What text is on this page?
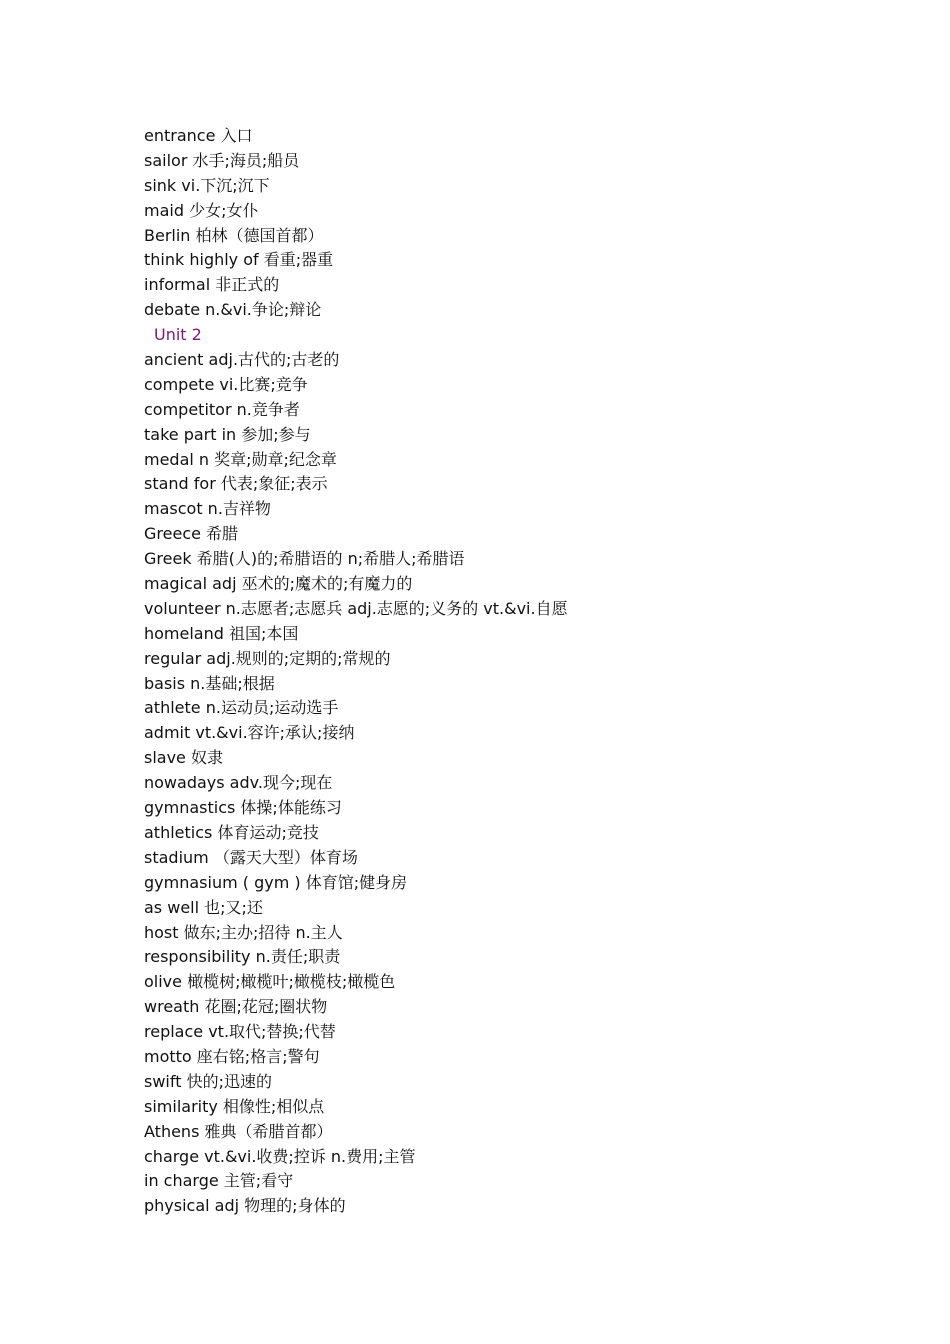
entrance 入口
sailor 水手;海员;船员
sink vi.下沉;沉下
maid 少女;女仆
Berlin 柏林（德国首都）
think highly of 看重;器重
informal 非正式的
debate n.&vi.争论;辩论
Unit 2
ancient adj.古代的;古老的
compete vi.比赛;竞争
competitor n.竞争者
take part in 参加;参与
medal n 奖章;勋章;纪念章
stand for 代表;象征;表示
mascot n.吉祥物
Greece 希腊
Greek 希腊(人)的;希腊语的 n;希腊人;希腊语
magical adj 巫术的;魔术的;有魔力的
volunteer n.志愿者;志愿兵 adj.志愿的;义务的 vt.&vi.自愿
homeland 祖国;本国
regular adj.规则的;定期的;常规的
basis n.基础;根据
athlete n.运动员;运动选手
admit vt.&vi.容许;承认;接纳
slave 奴隶
nowadays adv.现今;现在
gymnastics 体操;体能练习
athletics 体育运动;竞技
stadium （露天大型）体育场
gymnasium ( gym ) 体育馆;健身房
as well 也;又;还
host 做东;主办;招待 n.主人
responsibility n.责任;职责
olive 橄榄树;橄榄叶;橄榄枝;橄榄色
wreath 花圈;花冠;圈状物
replace vt.取代;替换;代替
motto 座右铭;格言;警句
swift 快的;迅速的
similarity 相像性;相似点
Athens 雅典（希腊首都）
charge vt.&vi.收费;控诉 n.费用;主管
in charge 主管;看守
physical adj 物理的;身体的
